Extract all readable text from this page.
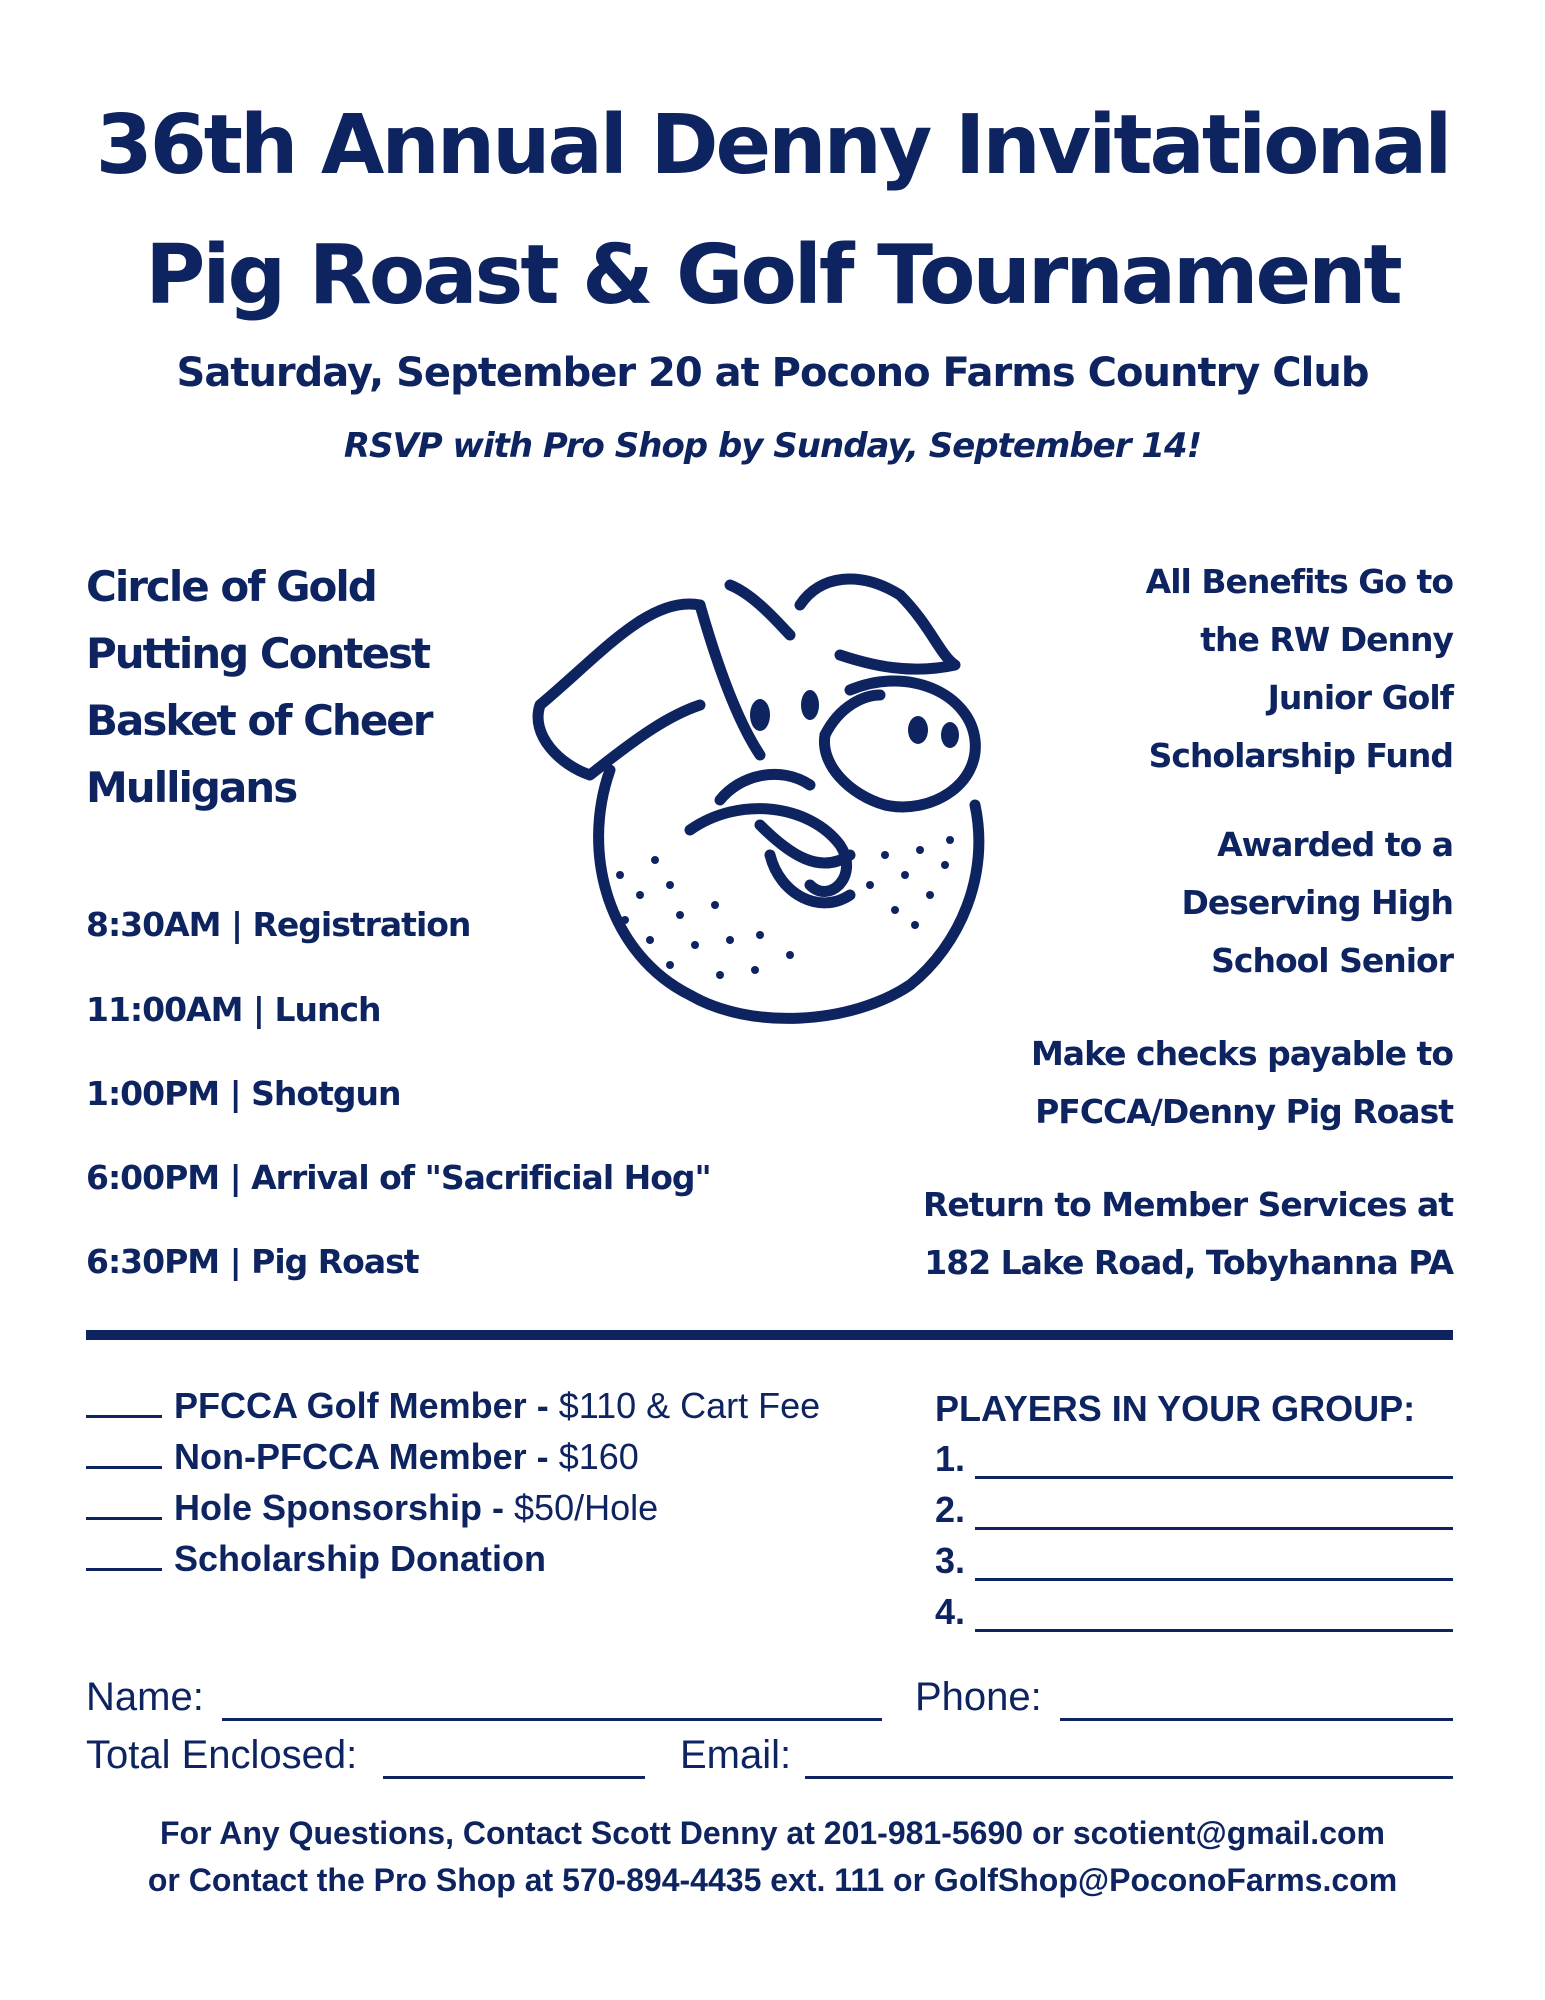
36th Annual Denny Invitational
Pig Roast & Golf Tournament
Saturday, September 20 at Pocono Farms Country Club
RSVP with Pro Shop by Sunday, September 14!
Circle of Gold
Putting Contest
Basket of Cheer
Mulligans
8:30AM | Registration
11:00AM | Lunch
1:00PM | Shotgun
6:00PM | Arrival of "Sacrificial Hog"
6:30PM | Pig Roast
All Benefits Go to
the RW Denny
Junior Golf
Scholarship Fund
Awarded to a
Deserving High
School Senior
Make checks payable to
PFCCA/Denny Pig Roast
Return to Member Services at
182 Lake Road, Tobyhanna PA
PFCCA Golf Member - $110 & Cart Fee
Non-PFCCA Member - $160
Hole Sponsorship - $50/Hole
Scholarship Donation
PLAYERS IN YOUR GROUP:
1.
2.
3.
4.
Name:	Phone:
Total Enclosed:	Email:
For Any Questions, Contact Scott Denny at 201-981-5690 or scotient@gmail.com
or Contact the Pro Shop at 570-894-4435 ext. 111 or GolfShop@PoconoFarms.com
